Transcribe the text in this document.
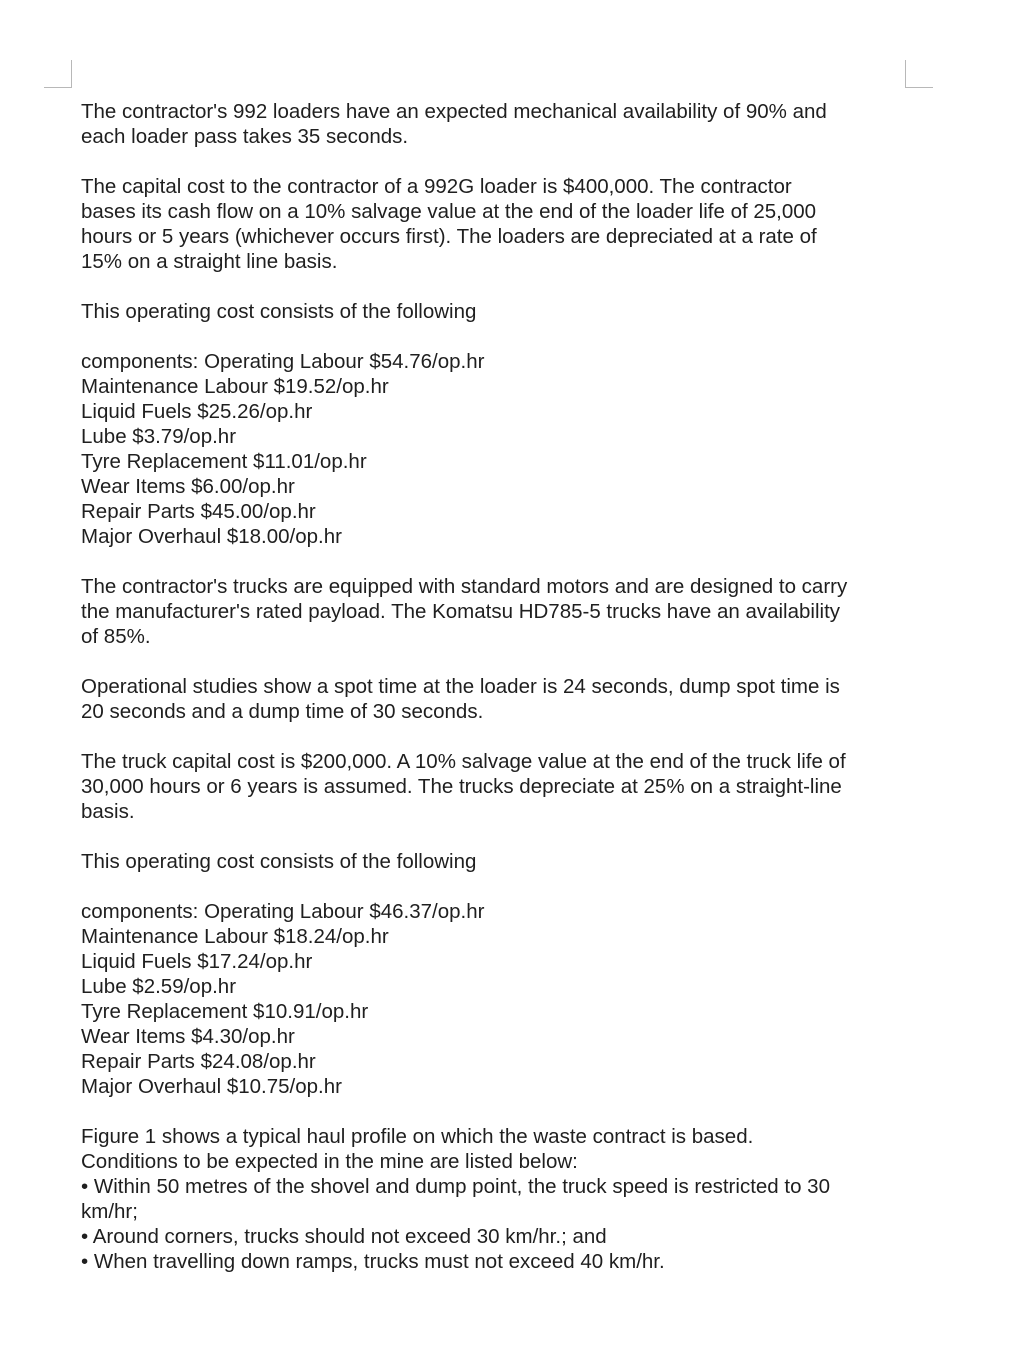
The contractor's 992 loaders have an expected mechanical availability of 90% and
each loader pass takes 35 seconds.

The capital cost to the contractor of a 992G loader is $400,000. The contractor
bases its cash flow on a 10% salvage value at the end of the loader life of 25,000
hours or 5 years (whichever occurs first). The loaders are depreciated at a rate of
15% on a straight line basis.

This operating cost consists of the following

components: Operating Labour $54.76/op.hr
Maintenance Labour $19.52/op.hr
Liquid Fuels $25.26/op.hr
Lube $3.79/op.hr
Tyre Replacement $11.01/op.hr
Wear Items $6.00/op.hr
Repair Parts $45.00/op.hr
Major Overhaul $18.00/op.hr

The contractor's trucks are equipped with standard motors and are designed to carry
the manufacturer's rated payload. The Komatsu HD785-5 trucks have an availability
of 85%.

Operational studies show a spot time at the loader is 24 seconds, dump spot time is
20 seconds and a dump time of 30 seconds.

The truck capital cost is $200,000. A 10% salvage value at the end of the truck life of
30,000 hours or 6 years is assumed. The trucks depreciate at 25% on a straight-line
basis.

This operating cost consists of the following

components: Operating Labour $46.37/op.hr
Maintenance Labour $18.24/op.hr
Liquid Fuels $17.24/op.hr
Lube $2.59/op.hr
Tyre Replacement $10.91/op.hr
Wear Items $4.30/op.hr
Repair Parts $24.08/op.hr
Major Overhaul $10.75/op.hr

Figure 1 shows a typical haul profile on which the waste contract is based.
Conditions to be expected in the mine are listed below:
• Within 50 metres of the shovel and dump point, the truck speed is restricted to 30
km/hr;
• Around corners, trucks should not exceed 30 km/hr.; and
• When travelling down ramps, trucks must not exceed 40 km/hr.
